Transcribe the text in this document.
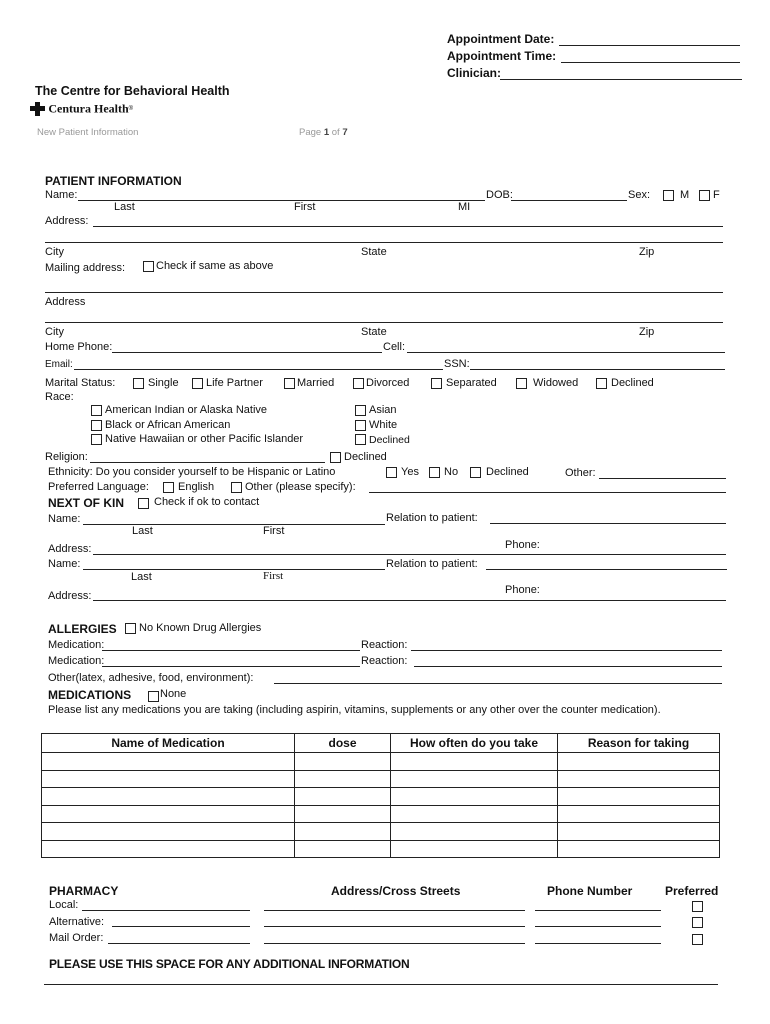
Appointment Date:
Appointment Time:
Clinician:
The Centre for Behavioral Health
Centura Health®
New Patient Information	Page 1 of 7
PATIENT INFORMATION
Name:	DOB:	Sex:	M F
Last	First	MI
Address:
City	State	Zip
Mailing address:	Check if same as above
Address
City	State	Zip
Home Phone:	Cell:
Email:	SSN:
Marital Status:	Single Life Partner	Married	Divorced	Separated	Widowed	Declined
Race:
American Indian or Alaska Native
Black or African American
Native Hawaiian or other Pacific Islander
Asian
White
Declined
Religion:	Declined
Ethnicity: Do you consider yourself to be Hispanic or Latino	Yes No	Declined	Other:
Preferred Language:	English	Other (please specify):
NEXT OF KIN	Check if ok to contact
Name:	Relation to patient:
Last	First
Address:	Phone:
Name:	Relation to patient:
Last	First
Address:	Phone:
ALLERGIES No Known Drug Allergies
Medication:	Reaction:
Medication:	Reaction:
Other(latex, adhesive, food, environment):
MEDICATIONS	None
Please list any medications you are taking (including aspirin, vitamins, supplements or any other over the counter medication).
Name of Medication	dose	How often do you take	Reason for taking

PHARMACY	Address/Cross Streets	Phone Number	Preferred
Local:
Alternative:
Mail Order:
PLEASE USE THIS SPACE FOR ANY ADDITIONAL INFORMATION
